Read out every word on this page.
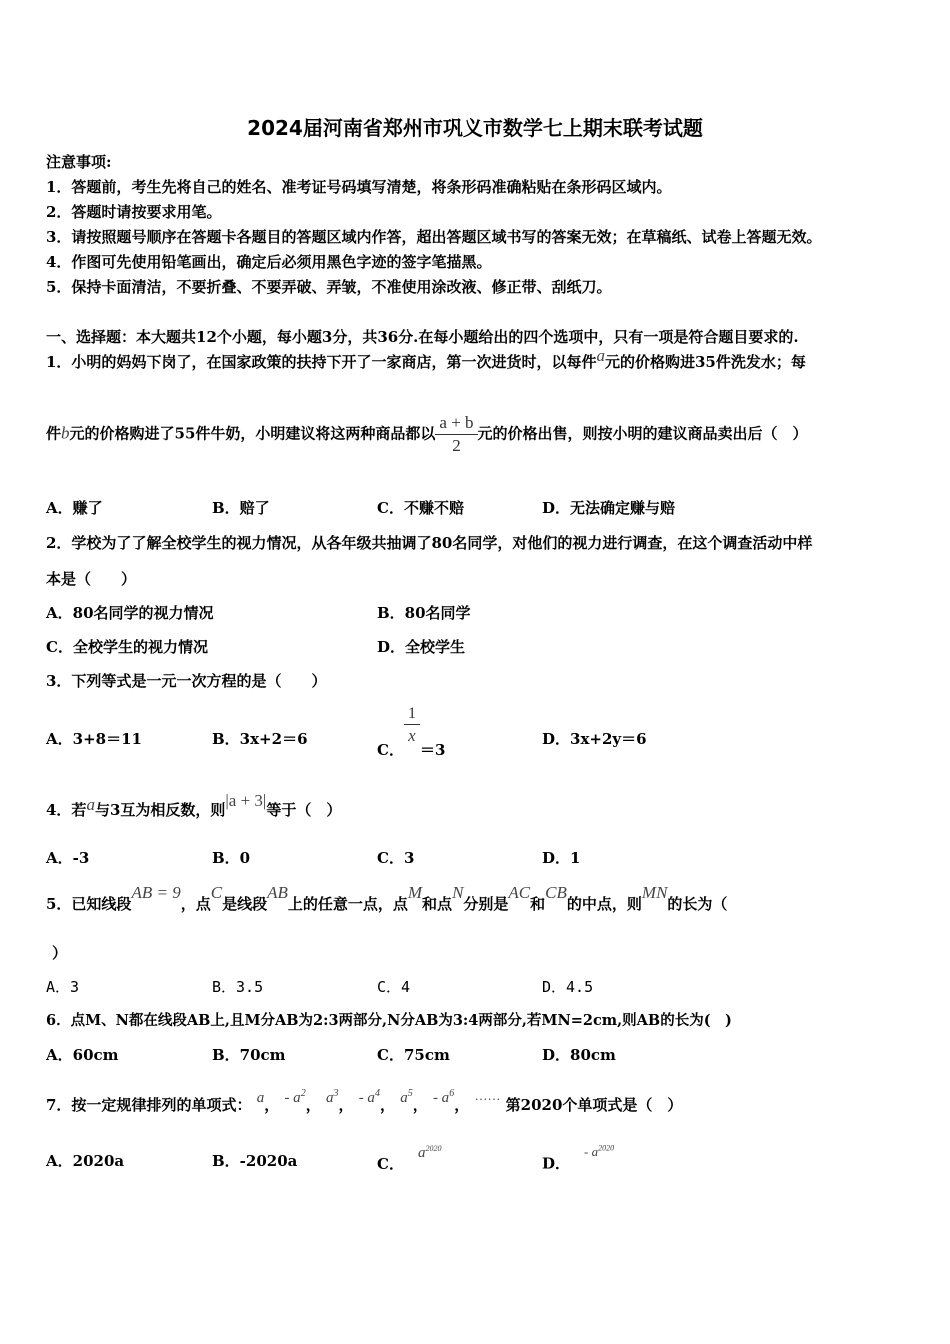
2024届河南省郑州市巩义市数学七上期末联考试题
注意事项:
1．答题前，考生先将自己的姓名、准考证号码填写清楚，将条形码准确粘贴在条形码区域内。
2．答题时请按要求用笔。
3．请按照题号顺序在答题卡各题目的答题区域内作答，超出答题区域书写的答案无效；在草稿纸、试卷上答题无效。
4．作图可先使用铅笔画出，确定后必须用黑色字迹的签字笔描黑。
5．保持卡面清洁，不要折叠、不要弄破、弄皱，不准使用涂改液、修正带、刮纸刀。
一、选择题：本大题共12个小题，每小题3分，共36分.在每小题给出的四个选项中，只有一项是符合题目要求的.
1．小明的妈妈下岗了，在国家政策的扶持下开了一家商店，第一次进货时，以每件a元的价格购进35件洗发水；每
件b元的价格购进了55件牛奶，小明建议将这两种商品都以 $\frac{a + b}{2}$ 元的价格出售，则按小明的建议商品卖出后（　）
A．赚了	B．赔了	C．不赚不赔	D．无法确定赚与赔
2．学校为了了解全校学生的视力情况，从各年级共抽调了80名同学，对他们的视力进行调查，在这个调查活动中样
本是（　　）
A．80名同学的视力情况	B．80名同学
C．全校学生的视力情况	D．全校学生
3．下列等式是一元一次方程的是（　　）
A．3+8＝11	B．3x+2＝6
C．
$\frac{1}{x}$
＝3
D．3x+2y＝6
4．若a与3互为相反数，则|a + 3|等于（　）
A．-3	B．0	C．3	D．1
5．已知线段AB = 9，点C是线段AB上的任意一点，点M和点N分别是AC和CB的中点，则MN的长为（
）
A．3	B．3.5	C．4	D．4.5
6．点M、N都在线段AB上,且M分AB为2:3两部分,N分AB为3:4两部分,若MN=2cm,则AB的长为(　)
A．60cm	B．70cm	C．75cm	D．80cm
7．按一定规律排列的单项式： a， - $a^2$， $a^3$， - $a^4$， $a^5$， - $a^6$， …… 第2020个单项式是（　）
A．2020a	B．-2020a	C．$a^{2020}$
D．- $a^{2020}$
